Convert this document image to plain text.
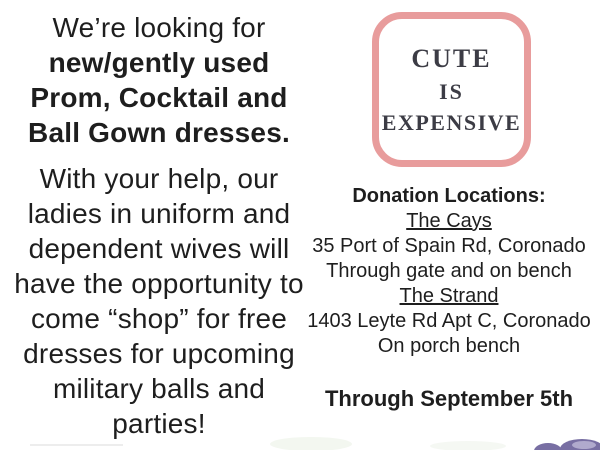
We’re looking for
new/gently used
Prom, Cocktail and
Ball Gown dresses.
With your help, our
ladies in uniform and
dependent wives will
have the opportunity to
come “shop” for free
dresses for upcoming
military balls and
parties!
CUTE
IS
EXPENSIVE
Donation Locations:
The Cays
35 Port of Spain Rd, Coronado
Through gate and on bench
The Strand
1403 Leyte Rd Apt C, Coronado
On porch bench
Through September 5th
